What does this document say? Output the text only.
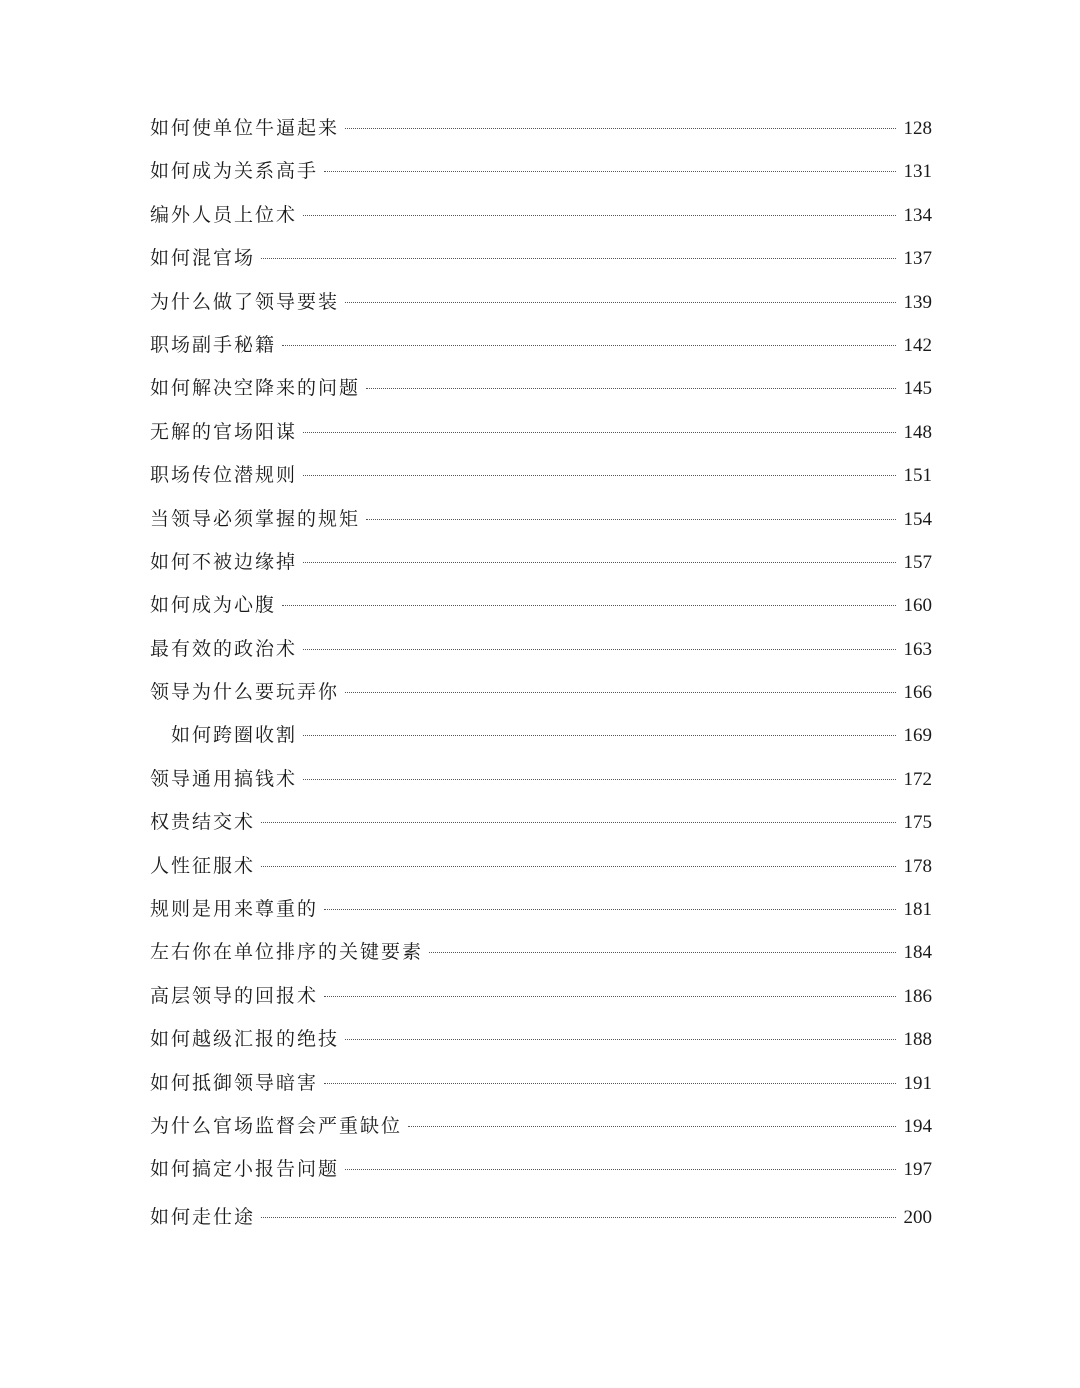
如何使单位牛逼起来	128
如何成为关系高手	131
编外人员上位术	134
如何混官场	137
为什么做了领导要装	139
职场副手秘籍	142
如何解决空降来的问题	145
无解的官场阳谋	148
职场传位潜规则	151
当领导必须掌握的规矩	154
如何不被边缘掉	157
如何成为心腹	160
最有效的政治术	163
领导为什么要玩弄你	166
如何跨圈收割	169
领导通用搞钱术	172
权贵结交术	175
人性征服术	178
规则是用来尊重的	181
左右你在单位排序的关键要素	184
高层领导的回报术	186
如何越级汇报的绝技	188
如何抵御领导暗害	191
为什么官场监督会严重缺位	194
如何搞定小报告问题	197
如何走仕途	200
